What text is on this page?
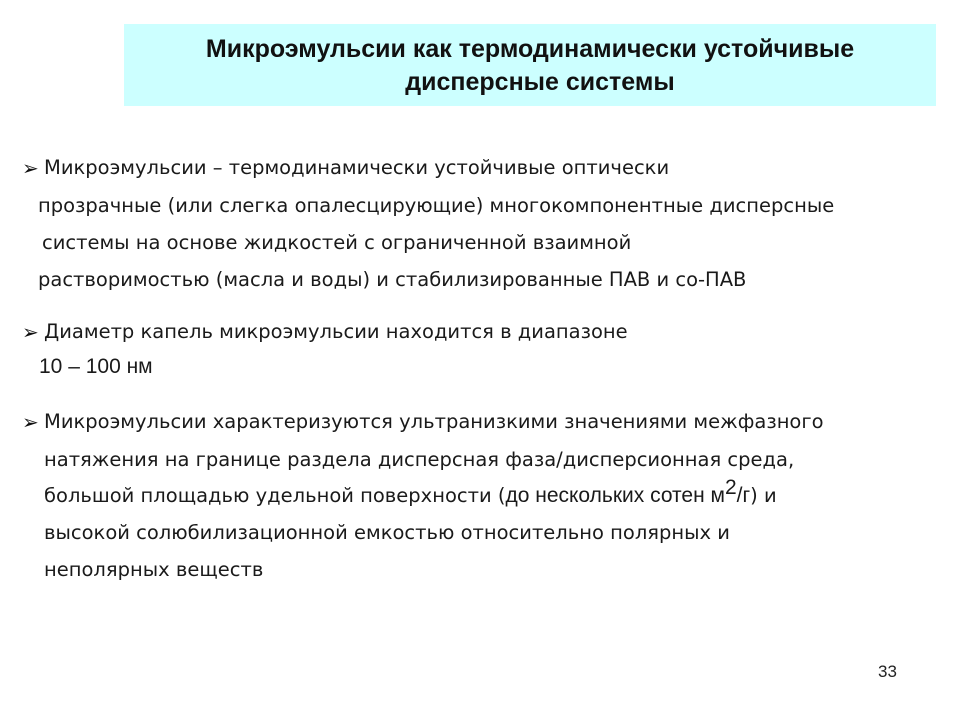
Микроэмульсии как термодинамически устойчивые
дисперсные системы
➢ Микроэмульсии – термодинамически устойчивые оптически
прозрачные (или слегка опалесцирующие) многокомпонентные дисперсные
системы на основе жидкостей с ограниченной взаимной
растворимостью (масла и воды) и стабилизированные ПАВ и со-ПАВ
➢ Диаметр капель микроэмульсии находится в диапазоне
10 – 100 нм
➢ Микроэмульсии характеризуются ультранизкими значениями межфазного
натяжения на границе раздела дисперсная фаза/дисперсионная среда,
большой площадью удельной поверхности (до нескольких сотен $м^2/г$) и
высокой солюбилизационной емкостью относительно полярных и
неполярных веществ
33
